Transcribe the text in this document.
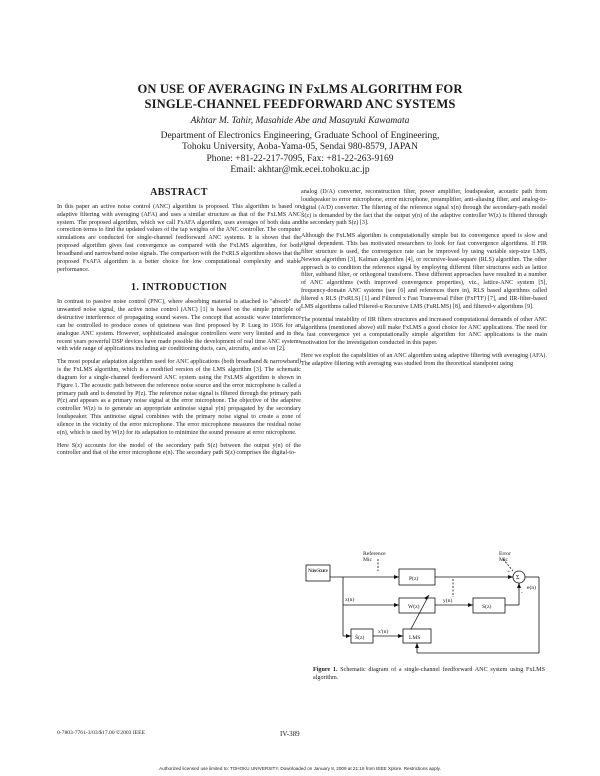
ON USE OF AVERAGING IN FxLMS ALGORITHM FOR
SINGLE-CHANNEL FEEDFORWARD ANC SYSTEMS
Akhtar M. Tahir, Masahide Abe and Masayuki Kawamata
Department of Electronics Engineering, Graduate School of Engineering,
Tohoku University, Aoba-Yama-05, Sendai 980-8579, JAPAN
Phone: +81-22-217-7095, Fax: +81-22-263-9169
Email: akhtar@mk.ecei.tohoku.ac.jp
ABSTRACT

In this paper an active noise control (ANC) algorithm is proposed. This algorithm is based on adaptive filtering with averaging (AFA) and uses a similar structure as that of the FxLMS ANC system. The proposed algorithm, which we call FxAFA algorithm, uses averages of both data and correction terms to find the updated values of the tap weights of the ANC controller. The computer simulations are conducted for single-channel feedforward ANC systems. It is shown that the proposed algorithm gives fast convergence as compared with the FxLMS algorithm, for both broadband and narrowband noise signals. The comparison with the FxRLS algorithm shows that the proposed FxAFA algorithm is a better choice for low computational complexity and stable performance.

1. INTRODUCTION

In contrast to passive noise control (PNC), where absorbing material is attached to "absorb" the unwanted noise signal, the active noise control (ANC) [1] is based on the simple principle of destructive interference of propagating sound waves. The concept that acoustic wave interference can be controlled to produce zones of quietness was first proposed by P. Lueg in 1936 for an analogue ANC system. However, sophisticated analogue controllers were very limited and in the recent years powerful DSP devices have made possible the development of real time ANC systems with wide range of applications including air conditioning ducts, cars, aircrafts, and so on [2].

The most popular adaptation algorithm used for ANC applications (both broadband & narrowband) is the FxLMS algorithm, which is a modified version of the LMS algorithm [3]. The schematic diagram for a single-channel feedforward ANC system using the FxLMS algorithm is shown in Figure 1. The acoustic path between the reference noise source and the error microphone is called a primary path and is denoted by P(z). The reference noise signal is filtered through the primary path P(z) and appears as a primary noise signal at the error microphone. The objective of the adaptive controller W(z) is to generate an appropriate antinoise signal y(n) propagated by the secondary loudspeaker. This antinoise signal combines with the primary noise signal to create a zone of silence in the vicinity of the error microphone. The error microphone measures the residual noise e(n), which is used by W(z) for its adaptation to minimize the sound pressure at error microphone.

Here S(z) accounts for the model of the secondary path S(z) between the output y(n) of the controller and that of the error microphone e(n). The secondary path S(z) comprises the digital-to-

analog (D/A) converter, reconstruction filter, power amplifier, loudspeaker, acoustic path from loudspeaker to error microphone, error microphone, preamplifier, anti-aliasing filter, and analog-to-digital (A/D) converter. The filtering of the reference signal x(n) through the secondary-path model Ŝ(z) is demanded by the fact that the output y(n) of the adaptive controller W(z) is filtered through the secondary path S(z) [3].

Although the FxLMS algorithm is computationally simple but its convergence speed is slow and signal dependent. This has motivated researchers to look for fast convergence algorithms. If FIR filter structure is used, the convergence rate can be improved by using variable step-size LMS, Newton algorithm [3], Kalman algorithm [4], or recursive-least-square (RLS) algorithm. The other approach is to condition the reference signal by employing different filter structures such as lattice filter, subband filter, or orthogonal transform. These different approaches have resulted in a number of ANC algorithms (with improved convergence properties), viz., lattice-ANC system [5], frequency-domain ANC systems (see [6] and references there in), RLS based algorithms called filtered x RLS (FxRLS) [1] and Filtered x Fast Transversal Filter (FxFTF) [7], and IIR-filter-based LMS algorithms called Filtered-u Recursive LMS (FuRLMS) [8], and filtered-v algorithms [9].

The potential instability of IIR filters structures and increased computational demands of other ANC algorithms (mentioned above) still make FxLMS a good choice for ANC applications. The need for a fast convergence yet a computationally simple algorithm for ANC applications is the main motivation for the investigation conducted in this paper.

Here we exploit the capabilities of an ANC algorithm using adaptive filtering with averaging (AFA). The adaptive filtering with averaging was studied from the theoretical standpoint using

Reference
Mic
Error
Mic
Noise Source
P(z)
W(z)	S(z)
Ŝ(z)	LMS
x(n)	y(n)
e(n)
x'(n)
Σ
+
-
Figure 1. Schematic diagram of a single-channel feedforward ANC system using FxLMS algorithm.
0-7803-7761-3/03/$17.00 ©2003 IEEE	IV-389
Authorized licensed use limited to: TOHOKU UNIVERSITY. Downloaded on January 8, 2009 at 21:16 from IEEE Xplore. Restrictions apply.
